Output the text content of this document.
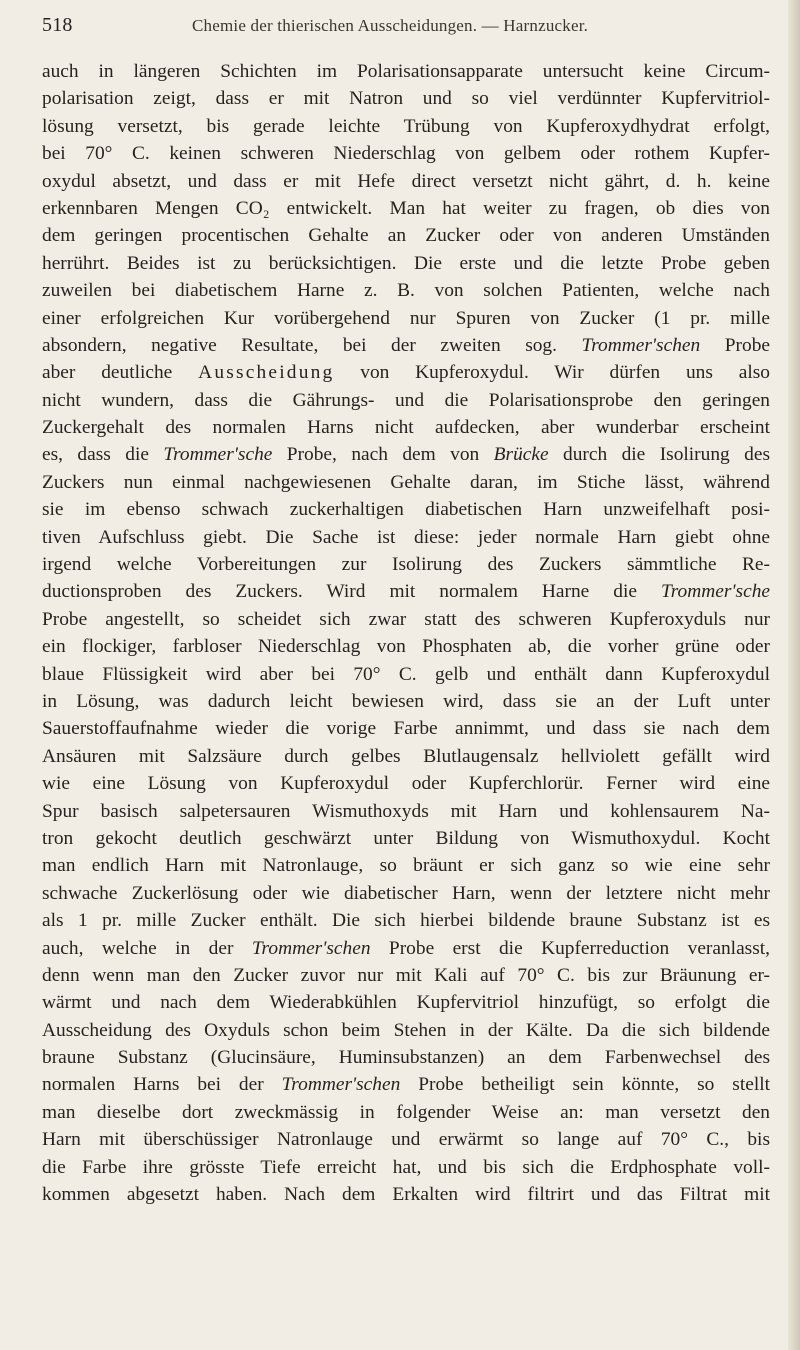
518	Chemie der thierischen Ausscheidungen. — Harnzucker.
auch in längeren Schichten im Polarisationsapparate untersucht keine Circum-
polarisation zeigt, dass er mit Natron und so viel verdünnter Kupfervitriol-
lösung versetzt, bis gerade leichte Trübung von Kupferoxydhydrat erfolgt,
bei 70° C. keinen schweren Niederschlag von gelbem oder rothem Kupfer-
oxydul absetzt, und dass er mit Hefe direct versetzt nicht gährt, d. h. keine
erkennbaren Mengen CO₂ entwickelt. Man hat weiter zu fragen, ob dies von
dem geringen procentischen Gehalte an Zucker oder von anderen Umständen
herrührt. Beides ist zu berücksichtigen. Die erste und die letzte Probe geben
zuweilen bei diabetischem Harne z. B. von solchen Patienten, welche nach
einer erfolgreichen Kur vorübergehend nur Spuren von Zucker (1 pr. mille
absondern, negative Resultate, bei der zweiten sog. Trommer'schen Probe
aber deutliche Ausscheidung von Kupferoxydul. Wir dürfen uns also
nicht wundern, dass die Gährungs- und die Polarisationsprobe den geringen
Zuckergehalt des normalen Harns nicht aufdecken, aber wunderbar erscheint
es, dass die Trommer'sche Probe, nach dem von Brücke durch die Isolirung des
Zuckers nun einmal nachgewiesenen Gehalte daran, im Stiche lässt, während
sie im ebenso schwach zuckerhaltigen diabetischen Harn unzweifelhaft posi-
tiven Aufschluss giebt. Die Sache ist diese: jeder normale Harn giebt ohne
irgend welche Vorbereitungen zur Isolirung des Zuckers sämmtliche Re-
ductionsproben des Zuckers. Wird mit normalem Harne die Trommer'sche
Probe angestellt, so scheidet sich zwar statt des schweren Kupferoxyduls nur
ein flockiger, farbloser Niederschlag von Phosphaten ab, die vorher grüne oder
blaue Flüssigkeit wird aber bei 70° C. gelb und enthält dann Kupferoxydul
in Lösung, was dadurch leicht bewiesen wird, dass sie an der Luft unter
Sauerstoffaufnahme wieder die vorige Farbe annimmt, und dass sie nach dem
Ansäuren mit Salzsäure durch gelbes Blutlaugensalz hellviolett gefällt wird
wie eine Lösung von Kupferoxydul oder Kupferchlorür. Ferner wird eine
Spur basisch salpetersauren Wismuthoxyds mit Harn und kohlensaurem Na-
tron gekocht deutlich geschwärzt unter Bildung von Wismuthoxydul. Kocht
man endlich Harn mit Natronlauge, so bräunt er sich ganz so wie eine sehr
schwache Zuckerlösung oder wie diabetischer Harn, wenn der letztere nicht mehr
als 1 pr. mille Zucker enthält. Die sich hierbei bildende braune Substanz ist es
auch, welche in der Trommer'schen Probe erst die Kupferreduction veranlasst,
denn wenn man den Zucker zuvor nur mit Kali auf 70° C. bis zur Bräunung er-
wärmt und nach dem Wiederabkühlen Kupfervitriol hinzufügt, so erfolgt die
Ausscheidung des Oxyduls schon beim Stehen in der Kälte. Da die sich bildende
braune Substanz (Glucinsäure, Huminsubstanzen) an dem Farbenwechsel des
normalen Harns bei der Trommer'schen Probe betheiligt sein könnte, so stellt
man dieselbe dort zweckmässig in folgender Weise an: man versetzt den
Harn mit überschüssiger Natronlauge und erwärmt so lange auf 70° C., bis
die Farbe ihre grösste Tiefe erreicht hat, und bis sich die Erdphosphate voll-
kommen abgesetzt haben. Nach dem Erkalten wird filtrirt und das Filtrat mit
